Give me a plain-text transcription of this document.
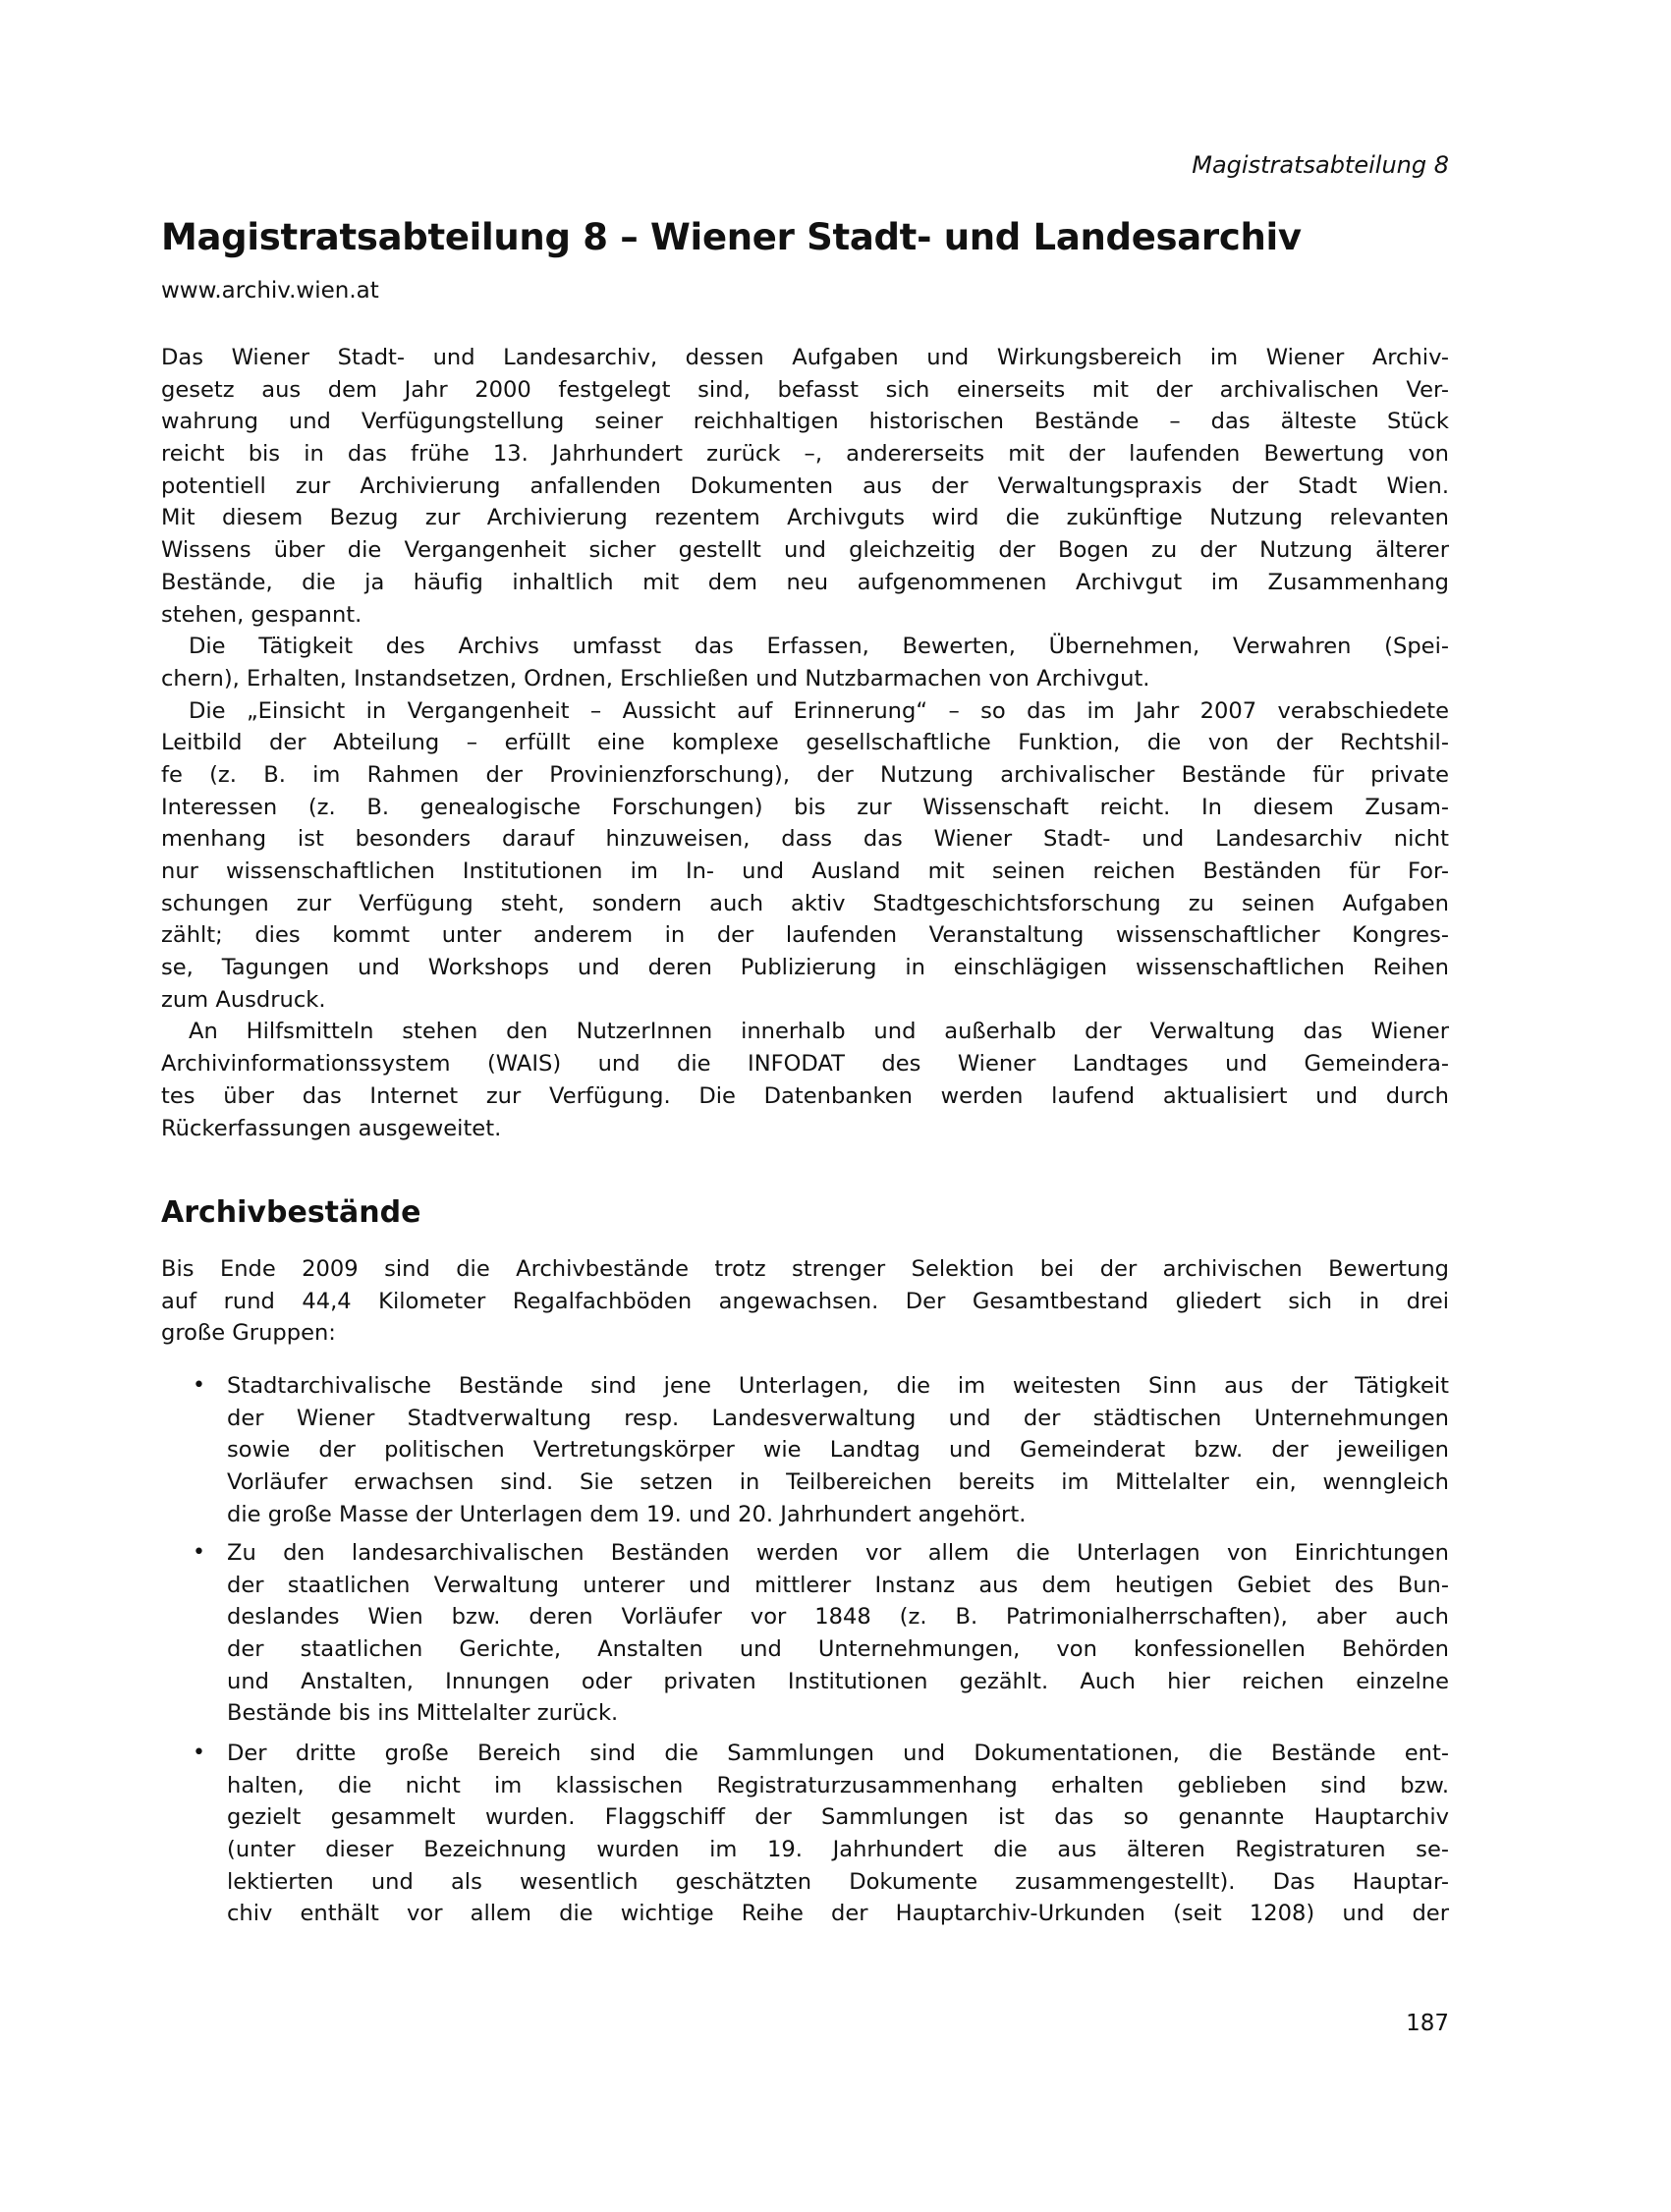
Magistratsabteilung 8
Magistratsabteilung 8 – Wiener Stadt- und Landesarchiv
www.archiv.wien.at
Das Wiener Stadt- und Landesarchiv, dessen Aufgaben und Wirkungsbereich im Wiener Archiv-
gesetz aus dem Jahr 2000 festgelegt sind, befasst sich einerseits mit der archivalischen Ver-
wahrung und Verfügungstellung seiner reichhaltigen historischen Bestände – das älteste Stück
reicht bis in das frühe 13. Jahrhundert zurück –, andererseits mit der laufenden Bewertung von
potentiell zur Archivierung anfallenden Dokumenten aus der Verwaltungspraxis der Stadt Wien.
Mit diesem Bezug zur Archivierung rezentem Archivguts wird die zukünftige Nutzung relevanten
Wissens über die Vergangenheit sicher gestellt und gleichzeitig der Bogen zu der Nutzung älterer
Bestände, die ja häufig inhaltlich mit dem neu aufgenommenen Archivgut im Zusammenhang
stehen, gespannt.
Die Tätigkeit des Archivs umfasst das Erfassen, Bewerten, Übernehmen, Verwahren (Spei-
chern), Erhalten, Instandsetzen, Ordnen, Erschließen und Nutzbarmachen von Archivgut.
Die „Einsicht in Vergangenheit – Aussicht auf Erinnerung“ – so das im Jahr 2007 verabschiedete
Leitbild der Abteilung – erfüllt eine komplexe gesellschaftliche Funktion, die von der Rechtshil-
fe (z. B. im Rahmen der Provinienzforschung), der Nutzung archivalischer Bestände für private
Interessen (z. B. genealogische Forschungen) bis zur Wissenschaft reicht. In diesem Zusam-
menhang ist besonders darauf hinzuweisen, dass das Wiener Stadt- und Landesarchiv nicht
nur wissenschaftlichen Institutionen im In- und Ausland mit seinen reichen Beständen für For-
schungen zur Verfügung steht, sondern auch aktiv Stadtgeschichtsforschung zu seinen Aufgaben
zählt; dies kommt unter anderem in der laufenden Veranstaltung wissenschaftlicher Kongres-
se, Tagungen und Workshops und deren Publizierung in einschlägigen wissenschaftlichen Reihen
zum Ausdruck.
An Hilfsmitteln stehen den NutzerInnen innerhalb und außerhalb der Verwaltung das Wiener
Archivinformationssystem (WAIS) und die INFODAT des Wiener Landtages und Gemeindera-
tes über das Internet zur Verfügung. Die Datenbanken werden laufend aktualisiert und durch
Rückerfassungen ausgeweitet.
Archivbestände
Bis Ende 2009 sind die Archivbestände trotz strenger Selektion bei der archivischen Bewertung
auf rund 44,4 Kilometer Regalfachböden angewachsen. Der Gesamtbestand gliedert sich in drei
große Gruppen:
• Stadtarchivalische Bestände sind jene Unterlagen, die im weitesten Sinn aus der Tätigkeit
der Wiener Stadtverwaltung resp. Landesverwaltung und der städtischen Unternehmungen
sowie der politischen Vertretungskörper wie Landtag und Gemeinderat bzw. der jeweiligen
Vorläufer erwachsen sind. Sie setzen in Teilbereichen bereits im Mittelalter ein, wenngleich
die große Masse der Unterlagen dem 19. und 20. Jahrhundert angehört.
• Zu den landesarchivalischen Beständen werden vor allem die Unterlagen von Einrichtungen
der staatlichen Verwaltung unterer und mittlerer Instanz aus dem heutigen Gebiet des Bun-
deslandes Wien bzw. deren Vorläufer vor 1848 (z. B. Patrimonialherrschaften), aber auch
der staatlichen Gerichte, Anstalten und Unternehmungen, von konfessionellen Behörden
und Anstalten, Innungen oder privaten Institutionen gezählt. Auch hier reichen einzelne
Bestände bis ins Mittelalter zurück.
• Der dritte große Bereich sind die Sammlungen und Dokumentationen, die Bestände ent-
halten, die nicht im klassischen Registraturzusammenhang erhalten geblieben sind bzw.
gezielt gesammelt wurden. Flaggschiff der Sammlungen ist das so genannte Hauptarchiv
(unter dieser Bezeichnung wurden im 19. Jahrhundert die aus älteren Registraturen se-
lektierten und als wesentlich geschätzten Dokumente zusammengestellt). Das Hauptar-
chiv enthält vor allem die wichtige Reihe der Hauptarchiv-Urkunden (seit 1208) und der
187
